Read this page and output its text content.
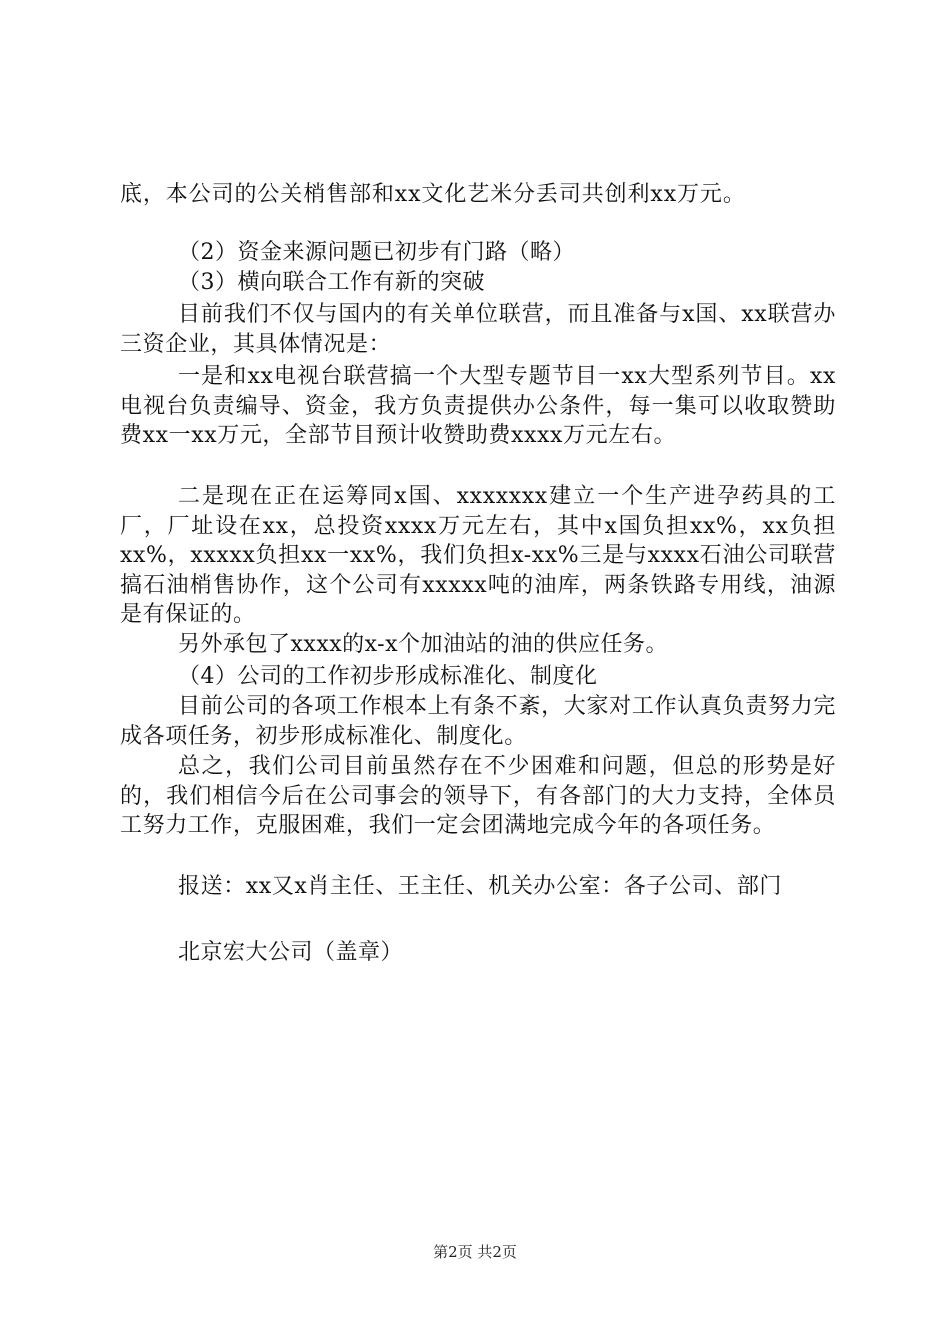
底，本公司的公关梢售部和xx文化艺米分丢司共创利xx万元。
（2）资金来源问题已初步有门路（略）
（3）横向联合工作有新的突破
目前我们不仅与国内的有关单位联营，而且准备与x国、xx联营办三资企业，其具体情况是：
一是和xx电视台联营搞一个大型专题节目一xx大型系列节目。xx电视台负责编导、资金，我方负责提供办公条件，每一集可以收取赞助费xx一xx万元，全部节目预计收赞助费xxxx万元左右。
二是现在正在运筹同x国、xxxxxxx建立一个生产进孕药具的工厂，厂址设在xx，总投资xxxx万元左右，其中x国负担xx%，xx负担xx%，xxxxx负担xx一xx%，我们负担x-xx%三是与xxxx石油公司联营搞石油梢售协作，这个公司有xxxxx吨的油库，两条铁路专用线，油源是有保证的。
另外承包了xxxx的x-x个加油站的油的供应任务。
（4）公司的工作初步形成标准化、制度化
目前公司的各项工作根本上有条不紊，大家对工作认真负责努力完成各项任务，初步形成标准化、制度化。
总之，我们公司目前虽然存在不少困难和问题，但总的形势是好的，我们相信今后在公司事会的领导下，有各部门的大力支持，全体员工努力工作，克服困难，我们一定会团满地完成今年的各项任务。
报送：xx又x肖主任、王主任、机关办公室：各子公司、部门
北京宏大公司（盖章）
第2页 共2页
